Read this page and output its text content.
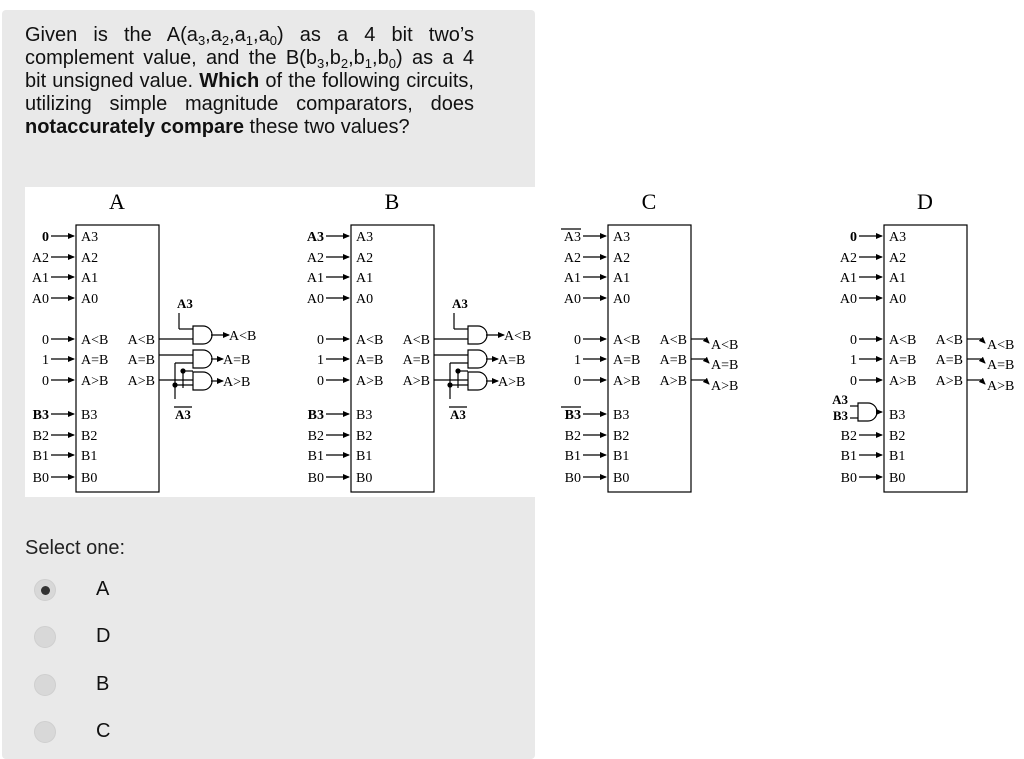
Given is the $A(a_3,a_2,a_1,a_0)$ as a 4 bit two’s complement value, and the $B(b_3,b_2,b_1,b_0)$ as a 4 bit unsigned value. Which of the following circuits, utilizing simple magnitude comparators, does notaccurately compare these two values?
A
0 A3
A2 A2
A1 A1
A0 A0
0 A<B A<B
1 A=B A=B
0 A>B A>B
B3 B3
B2 B2
B1 B1
B0 B0
A3
A<B
A=B
A>B
A3
B
A3 A3
A2 A2
A1 A1
A0 A0
0 A<B A<B
1 A=B A=B
0 A>B A>B
B3 B3
B2 B2
B1 B1
B0 B0
A3
A<B
A=B
A>B
A3
C
A3 A3
A2 A2
A1 A1
A0 A0
0 A<B A<B
1 A=B A=B
0 A>B A>B
B3 B3
B2 B2
B1 B1
B0 B0
A<B
A=B
A>B
D
0 A3
A2 A2
A1 A1
A0 A0
0 A<B A<B
1 A=B A=B
0 A>B A>B
B3
B2 B2
B1 B1
B0 B0
A<B
A=B
A>B
A3
B3
Select one:
A
D
B
C
